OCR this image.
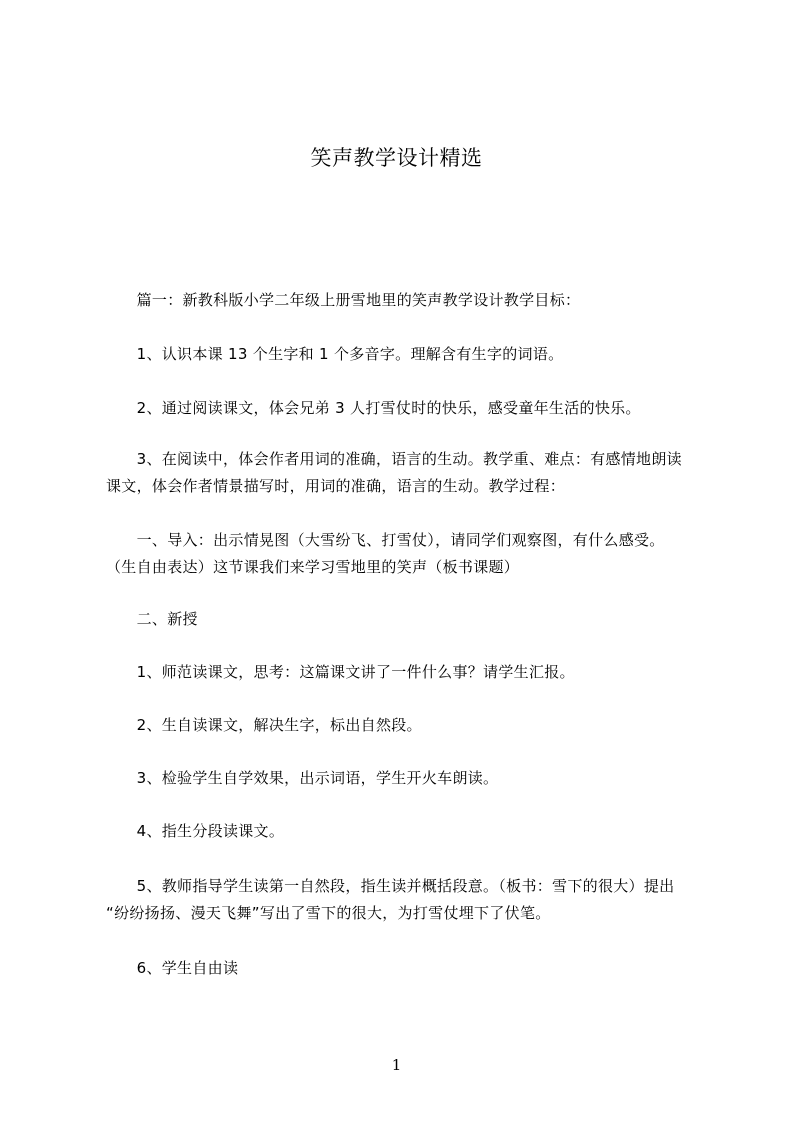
笑声教学设计精选
　　篇一：新教科版小学二年级上册雪地里的笑声教学设计教学目标：
　　1、认识本课 13 个生字和 1 个多音字。理解含有生字的词语。
　　2、通过阅读课文，体会兄弟 3 人打雪仗时的快乐，感受童年生活的快乐。
　　3、在阅读中，体会作者用词的准确，语言的生动。教学重、难点：有感情地朗读
课文，体会作者情景描写时，用词的准确，语言的生动。教学过程：
　　一、导入：出示情晃图（大雪纷飞、打雪仗），请同学们观察图，有什么感受。
（生自由表达）这节课我们来学习雪地里的笑声（板书课题）
　　二、新授
　　1、师范读课文，思考：这篇课文讲了一件什么事？请学生汇报。
　　2、生自读课文，解决生字，标出自然段。
　　3、检验学生自学效果，出示词语，学生开火车朗读。
　　4、指生分段读课文。
　　5、教师指导学生读第一自然段，指生读并概括段意。（板书：雪下的很大）提出
“纷纷扬扬、漫天飞舞”写出了雪下的很大，为打雪仗埋下了伏笔。
　　6、学生自由读
1
